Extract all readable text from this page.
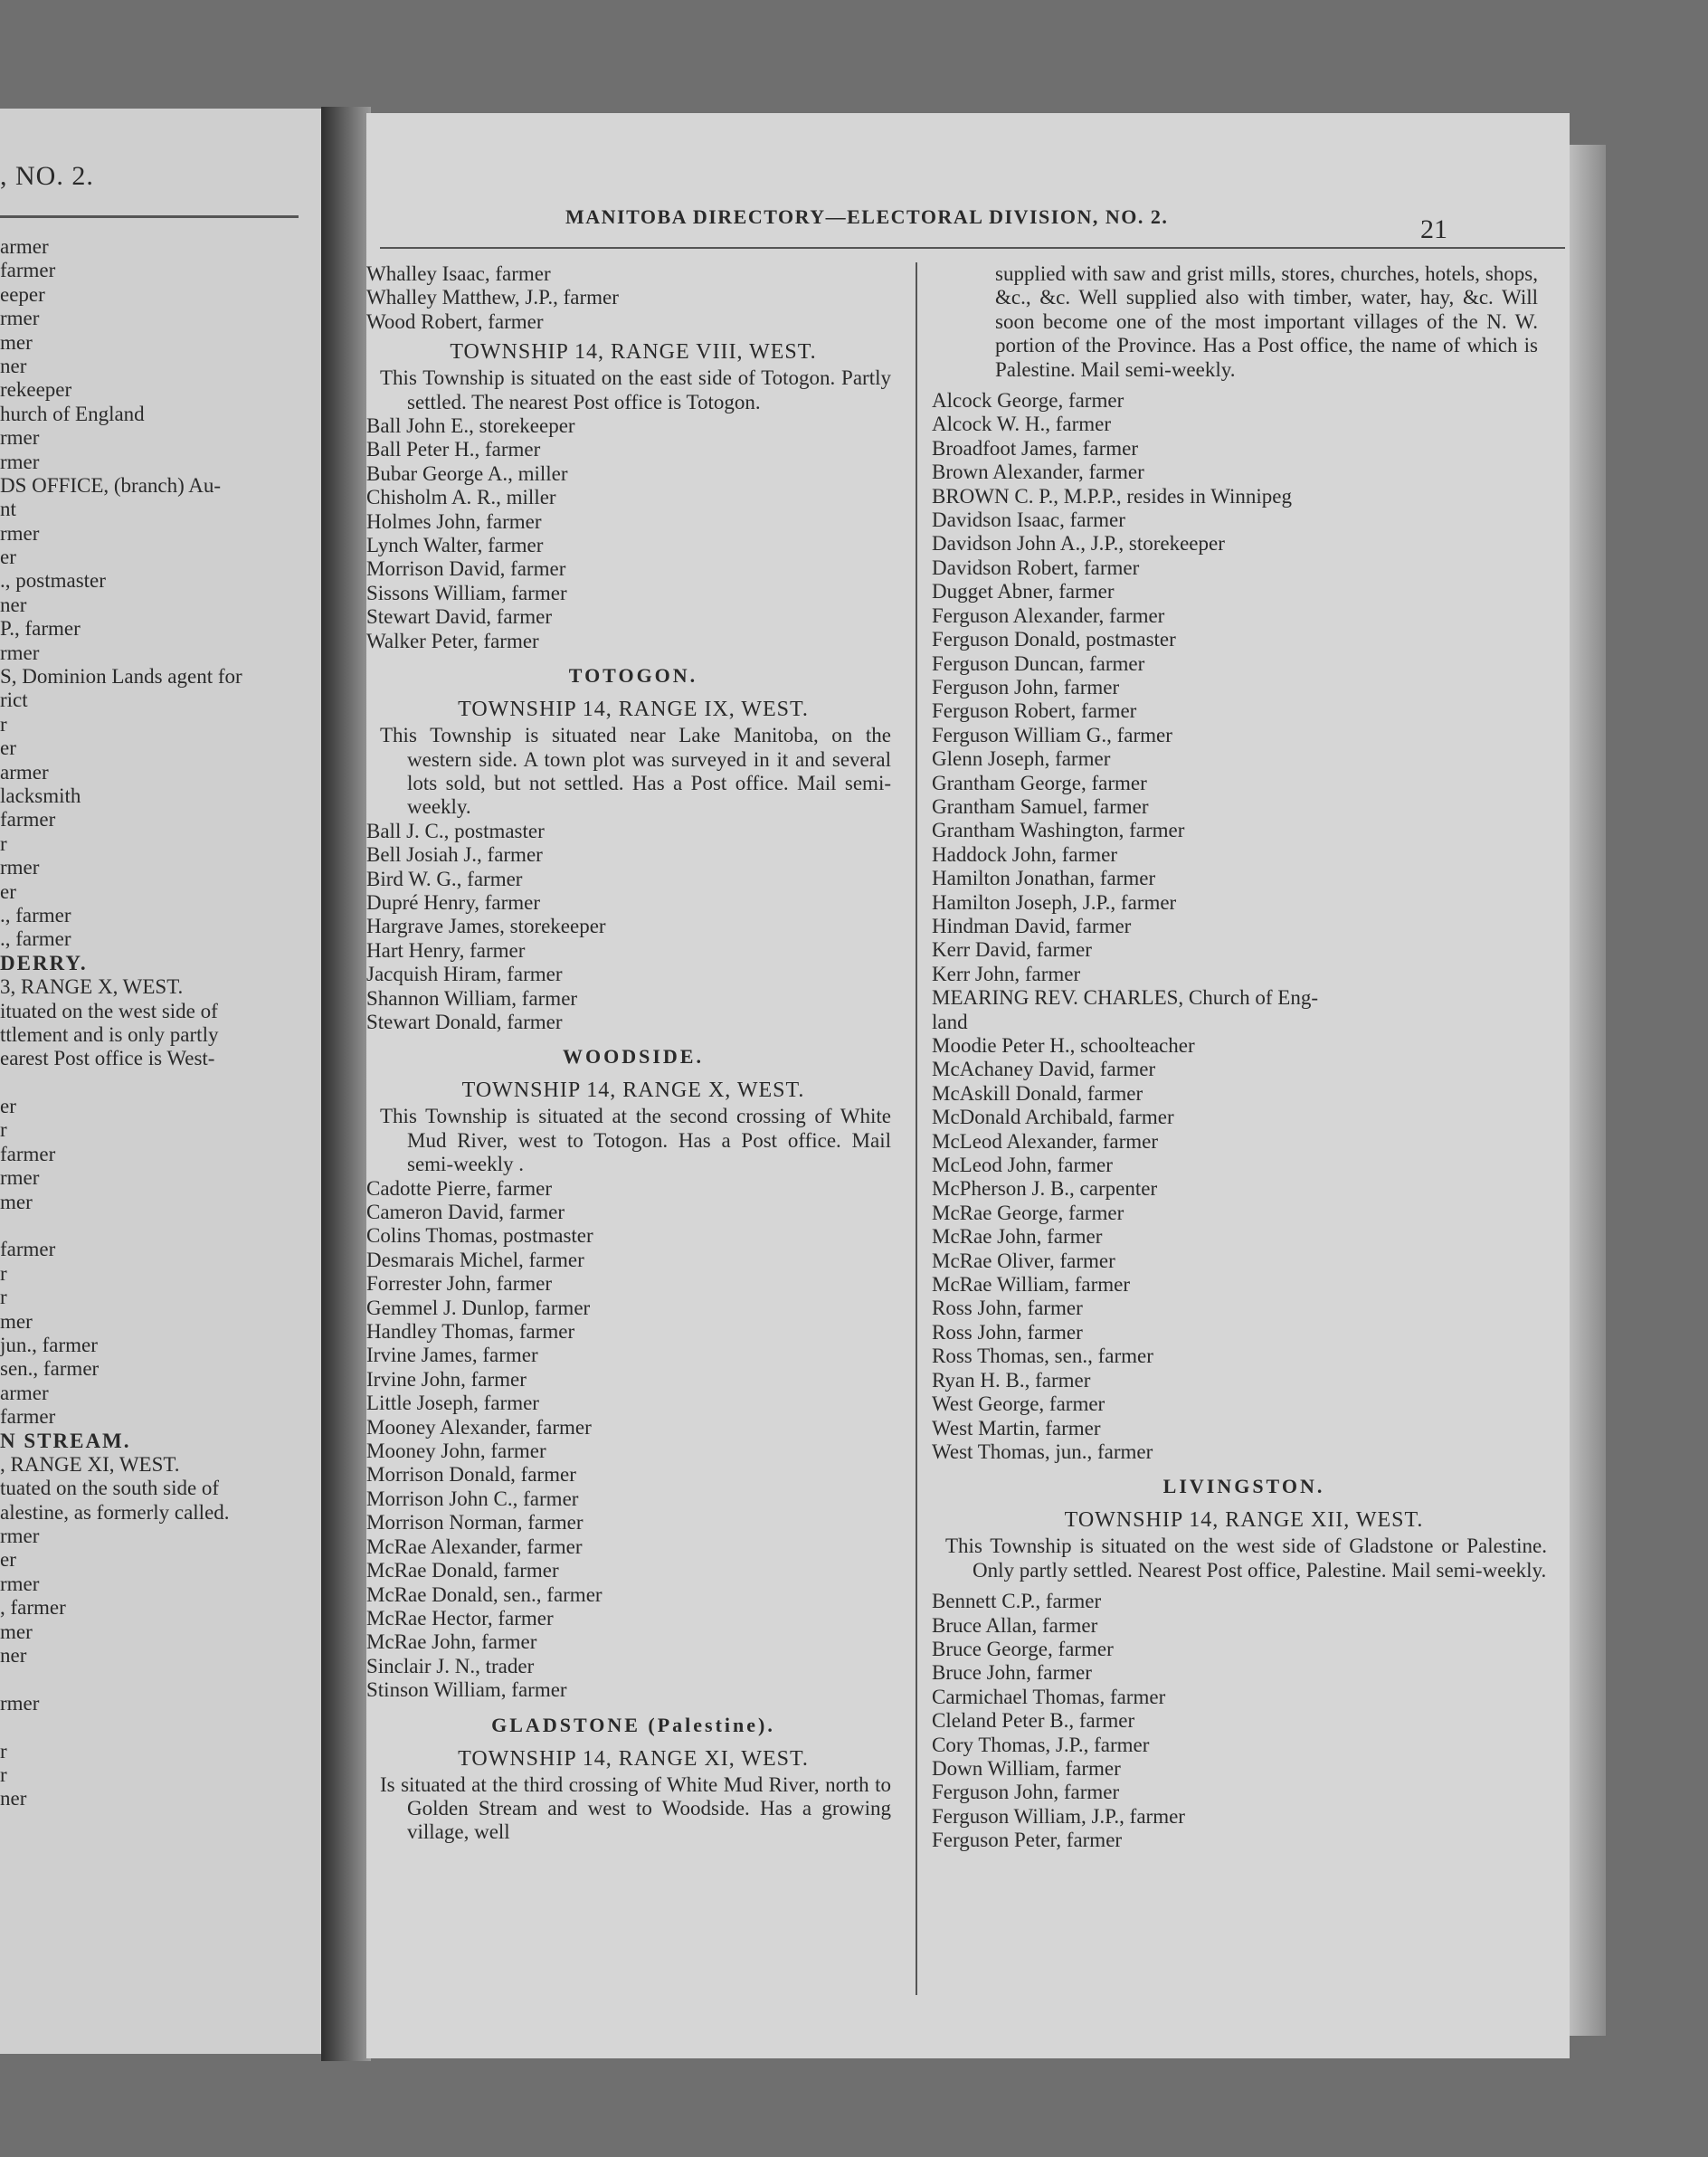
, NO. 2.
armer
farmer
eeper
rmer
mer
ner
rekeeper
hurch of England
rmer
rmer
DS OFFICE, (branch) Au-
nt
rmer
er
., postmaster
ner
P., farmer
rmer
S, Dominion Lands agent for
rict
r
er
armer
lacksmith
farmer
r
rmer
er
., farmer
., farmer
DERRY.
3, RANGE X, WEST.
ituated on the west side of
ttlement and is only partly
earest Post office is West-

er
r
farmer
rmer
mer

farmer
r
r
mer
jun., farmer
sen., farmer
armer
farmer
N STREAM.
, RANGE XI, WEST.
tuated on the south side of
alestine, as formerly called.
rmer
er
rmer
, farmer
mer
ner

rmer

r
r
ner
MANITOBA DIRECTORY—ELECTORAL DIVISION, NO. 2.	21
Whalley Isaac, farmer
Whalley Matthew, J.P., farmer
Wood Robert, farmer
TOWNSHIP 14, RANGE VIII, WEST.
This Township is situated on the east side of Totogon. Partly settled. The nearest Post office is Totogon.
Ball John E., storekeeper
Ball Peter H., farmer
Bubar George A., miller
Chisholm A. R., miller
Holmes John, farmer
Lynch Walter, farmer
Morrison David, farmer
Sissons William, farmer
Stewart David, farmer
Walker Peter, farmer
TOTOGON.
TOWNSHIP 14, RANGE IX, WEST.
This Township is situated near Lake Manitoba, on the western side. A town plot was surveyed in it and several lots sold, but not settled. Has a Post office. Mail semi-weekly.
Ball J. C., postmaster
Bell Josiah J., farmer
Bird W. G., farmer
Dupré Henry, farmer
Hargrave James, storekeeper
Hart Henry, farmer
Jacquish Hiram, farmer
Shannon William, farmer
Stewart Donald, farmer
WOODSIDE.
TOWNSHIP 14, RANGE X, WEST.
This Township is situated at the second crossing of White Mud River, west to Totogon. Has a Post office. Mail semi-weekly .
Cadotte Pierre, farmer
Cameron David, farmer
Colins Thomas, postmaster
Desmarais Michel, farmer
Forrester John, farmer
Gemmel J. Dunlop, farmer
Handley Thomas, farmer
Irvine James, farmer
Irvine John, farmer
Little Joseph, farmer
Mooney Alexander, farmer
Mooney John, farmer
Morrison Donald, farmer
Morrison John C., farmer
Morrison Norman, farmer
McRae Alexander, farmer
McRae Donald, farmer
McRae Donald, sen., farmer
McRae Hector, farmer
McRae John, farmer
Sinclair J. N., trader
Stinson William, farmer
GLADSTONE (Palestine).
TOWNSHIP 14, RANGE XI, WEST.
Is situated at the third crossing of White Mud River, north to Golden Stream and west to Woodside. Has a growing village, well
supplied with saw and grist mills, stores, churches, hotels, shops, &c., &c. Well supplied also with timber, water, hay, &c. Will soon become one of the most important villages of the N. W. portion of the Province. Has a Post office, the name of which is Palestine. Mail semi-weekly.
Alcock George, farmer
Alcock W. H., farmer
Broadfoot James, farmer
Brown Alexander, farmer
BROWN C. P., M.P.P., resides in Winnipeg
Davidson Isaac, farmer
Davidson John A., J.P., storekeeper
Davidson Robert, farmer
Dugget Abner, farmer
Ferguson Alexander, farmer
Ferguson Donald, postmaster
Ferguson Duncan, farmer
Ferguson John, farmer
Ferguson Robert, farmer
Ferguson William G., farmer
Glenn Joseph, farmer
Grantham George, farmer
Grantham Samuel, farmer
Grantham Washington, farmer
Haddock John, farmer
Hamilton Jonathan, farmer
Hamilton Joseph, J.P., farmer
Hindman David, farmer
Kerr David, farmer
Kerr John, farmer
MEARING REV. CHARLES, Church of Eng-
land
Moodie Peter H., schoolteacher
McAchaney David, farmer
McAskill Donald, farmer
McDonald Archibald, farmer
McLeod Alexander, farmer
McLeod John, farmer
McPherson J. B., carpenter
McRae George, farmer
McRae John, farmer
McRae Oliver, farmer
McRae William, farmer
Ross John, farmer
Ross John, farmer
Ross Thomas, sen., farmer
Ryan H. B., farmer
West George, farmer
West Martin, farmer
West Thomas, jun., farmer
LIVINGSTON.
TOWNSHIP 14, RANGE XII, WEST.
This Township is situated on the west side of Gladstone or Palestine. Only partly settled. Nearest Post office, Palestine. Mail semi-weekly.
Bennett C.P., farmer
Bruce Allan, farmer
Bruce George, farmer
Bruce John, farmer
Carmichael Thomas, farmer
Cleland Peter B., farmer
Cory Thomas, J.P., farmer
Down William, farmer
Ferguson John, farmer
Ferguson William, J.P., farmer
Ferguson Peter, farmer
